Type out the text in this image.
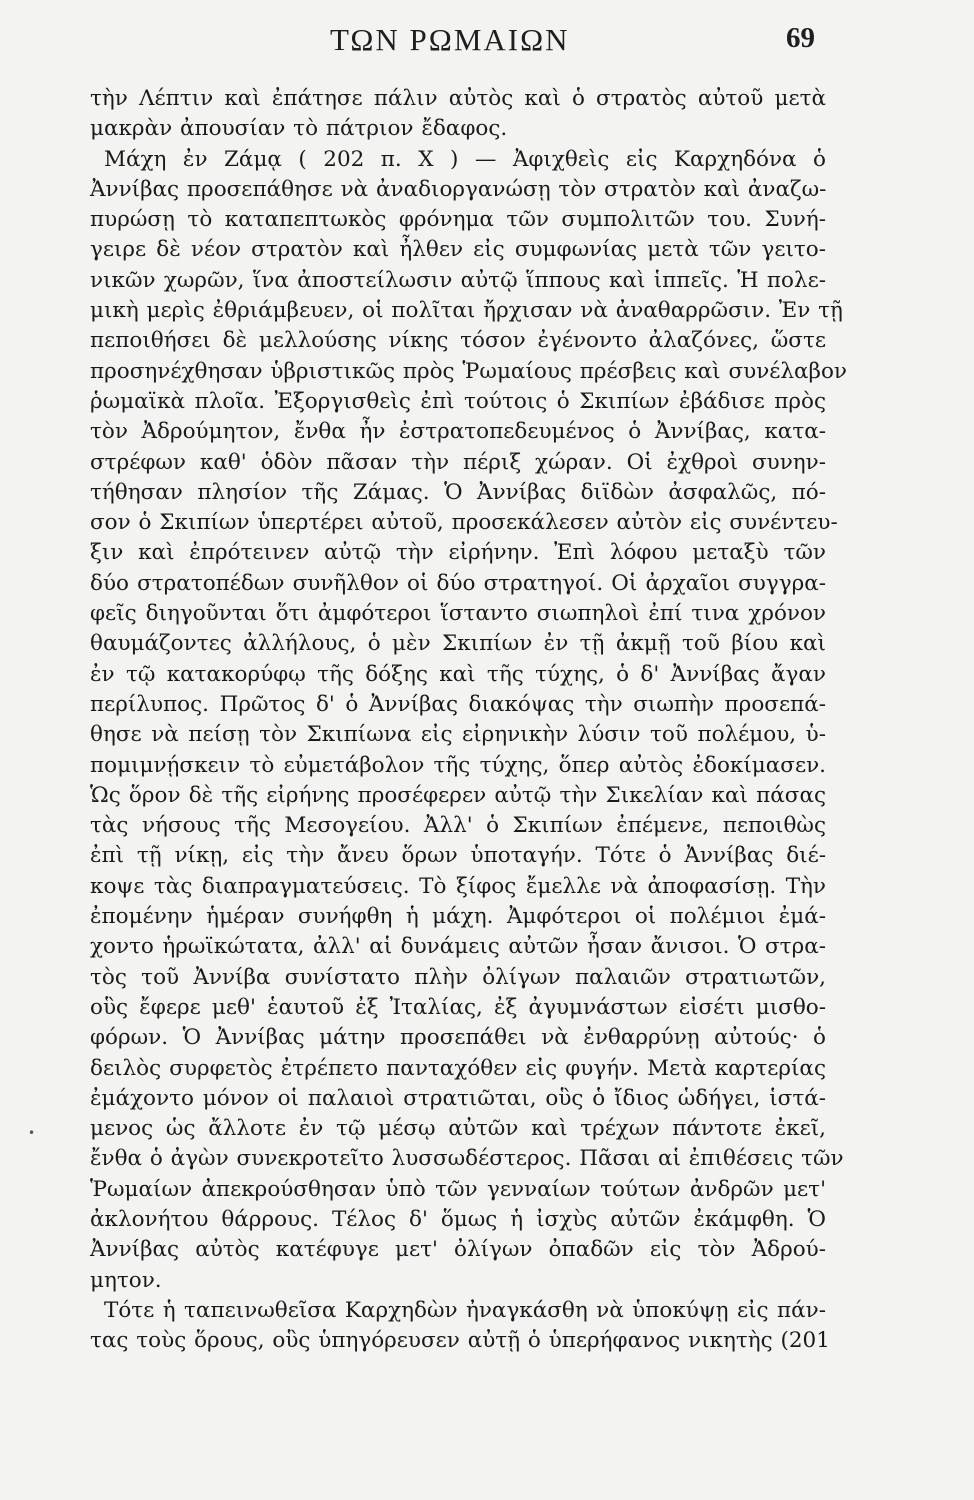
ΤΩΝ ΡΩΜΑΙΩΝ	69
τὴν Λέπτιν καὶ ἐπάτησε πάλιν αὐτὸς καὶ ὁ στρατὸς αὐτοῦ μετὰ
μακρὰν ἀπουσίαν τὸ πάτριον ἔδαφος.
Μάχη ἐν Ζάμᾳ ( 202 π. Χ ) — Ἀφιχθεὶς εἰς Καρχηδόνα ὁ
Ἀννίβας προσεπάθησε νὰ ἀναδιοργανώσῃ τὸν στρατὸν καὶ ἀναζω-
πυρώσῃ τὸ καταπεπτωκὸς φρόνημα τῶν συμπολιτῶν του. Συνή-
γειρε δὲ νέον στρατὸν καὶ ἦλθεν εἰς συμφωνίας μετὰ τῶν γειτο-
νικῶν χωρῶν, ἵνα ἀποστείλωσιν αὐτῷ ἵππους καὶ ἱππεῖς. Ἡ πολε-
μικὴ μερὶς ἐθριάμβευεν, οἱ πολῖται ἤρχισαν νὰ ἀναθαρρῶσιν. Ἐν τῇ
πεποιθήσει δὲ μελλούσης νίκης τόσον ἐγένοντο ἀλαζόνες, ὥστε
προσηνέχθησαν ὑβριστικῶς πρὸς Ῥωμαίους πρέσβεις καὶ συνέλαβον
ῥωμαϊκὰ πλοῖα. Ἐξοργισθεὶς ἐπὶ τούτοις ὁ Σκιπίων ἐβάδισε πρὸς
τὸν Ἀδρούμητον, ἔνθα ἦν ἐστρατοπεδευμένος ὁ Ἀννίβας, κατα-
στρέφων καθ' ὁδὸν πᾶσαν τὴν πέριξ χώραν. Οἱ ἐχθροὶ συνην-
τήθησαν πλησίον τῆς Ζάμας. Ὁ Ἀννίβας διϊδὼν ἀσφαλῶς, πό-
σον ὁ Σκιπίων ὑπερτέρει αὐτοῦ, προσεκάλεσεν αὐτὸν εἰς συνέντευ-
ξιν καὶ ἐπρότεινεν αὐτῷ τὴν εἰρήνην. Ἐπὶ λόφου μεταξὺ τῶν
δύο στρατοπέδων συνῆλθον οἱ δύο στρατηγοί. Οἱ ἀρχαῖοι συγγρα-
φεῖς διηγοῦνται ὅτι ἀμφότεροι ἵσταντο σιωπηλοὶ ἐπί τινα χρόνον
θαυμάζοντες ἀλλήλους, ὁ μὲν Σκιπίων ἐν τῇ ἀκμῇ τοῦ βίου καὶ
ἐν τῷ κατακορύφῳ τῆς δόξης καὶ τῆς τύχης, ὁ δ' Ἀννίβας ἄγαν
περίλυπος. Πρῶτος δ' ὁ Ἀννίβας διακόψας τὴν σιωπὴν προσεπά-
θησε νὰ πείσῃ τὸν Σκιπίωνα εἰς εἰρηνικὴν λύσιν τοῦ πολέμου, ὑ-
πομιμνῄσκειν τὸ εὐμετάβολον τῆς τύχης, ὅπερ αὐτὸς ἐδοκίμασεν.
Ὡς ὅρον δὲ τῆς εἰρήνης προσέφερεν αὐτῷ τὴν Σικελίαν καὶ πάσας
τὰς νήσους τῆς Μεσογείου. Ἀλλ' ὁ Σκιπίων ἐπέμενε, πεποιθὼς
ἐπὶ τῇ νίκῃ, εἰς τὴν ἄνευ ὅρων ὑποταγήν. Τότε ὁ Ἀννίβας διέ-
κοψε τὰς διαπραγματεύσεις. Τὸ ξίφος ἔμελλε νὰ ἀποφασίσῃ. Τὴν
ἐπομένην ἡμέραν συνήφθη ἡ μάχη. Ἀμφότεροι οἱ πολέμιοι ἐμά-
χοντο ἡρωϊκώτατα, ἀλλ' αἱ δυνάμεις αὐτῶν ἦσαν ἄνισοι. Ὁ στρα-
τὸς τοῦ Ἀννίβα συνίστατο πλὴν ὀλίγων παλαιῶν στρατιωτῶν,
οὓς ἔφερε μεθ' ἑαυτοῦ ἐξ Ἰταλίας, ἐξ ἀγυμνάστων εἰσέτι μισθο-
φόρων. Ὁ Ἀννίβας μάτην προσεπάθει νὰ ἐνθαρρύνῃ αὐτούς· ὁ
δειλὸς συρφετὸς ἐτρέπετο πανταχόθεν εἰς φυγήν. Μετὰ καρτερίας
ἐμάχοντο μόνον οἱ παλαιοὶ στρατιῶται, οὓς ὁ ἴδιος ὡδήγει, ἱστά-
μενος ὡς ἄλλοτε ἐν τῷ μέσῳ αὐτῶν καὶ τρέχων πάντοτε ἐκεῖ,
ἔνθα ὁ ἀγὼν συνεκροτεῖτο λυσσωδέστερος. Πᾶσαι αἱ ἐπιθέσεις τῶν
Ῥωμαίων ἀπεκρούσθησαν ὑπὸ τῶν γενναίων τούτων ἀνδρῶν μετ'
ἀκλονήτου θάρρους. Τέλος δ' ὅμως ἡ ἰσχὺς αὐτῶν ἐκάμφθη. Ὁ
Ἀννίβας αὐτὸς κατέφυγε μετ' ὀλίγων ὀπαδῶν εἰς τὸν Ἀδρού-
μητον.
Τότε ἡ ταπεινωθεῖσα Καρχηδὼν ἠναγκάσθη νὰ ὑποκύψῃ εἰς πάν-
τας τοὺς ὅρους, οὓς ὑπηγόρευσεν αὐτῇ ὁ ὑπερήφανος νικητὴς (201
•
